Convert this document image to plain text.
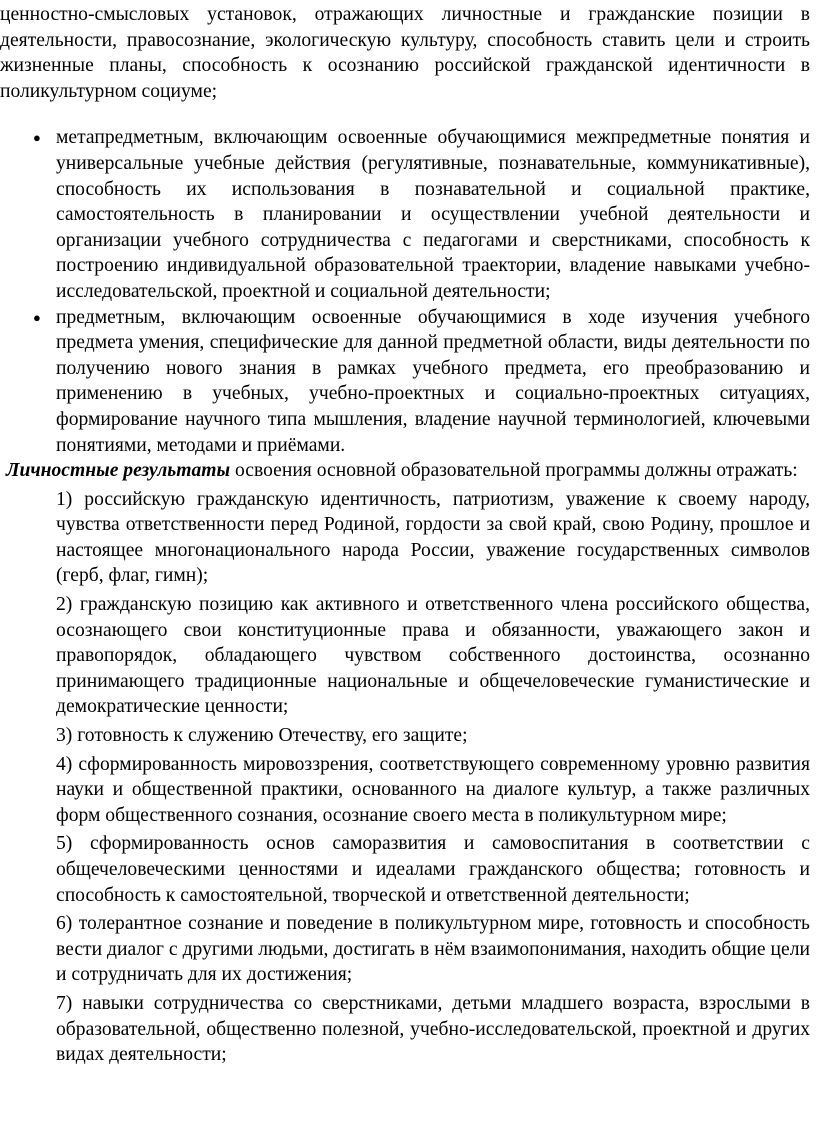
ценностно-смысловых установок, отражающих личностные и гражданские позиции в деятельности, правосознание, экологическую культуру, способность ставить цели и строить жизненные планы, способность к осознанию российской гражданской идентичности в поликультурном социуме;

● метапредметным, включающим освоенные обучающимися межпредметные понятия и универсальные учебные действия (регулятивные, познавательные, коммуникативные), способность их использования в познавательной и социальной практике, самостоятельность в планировании и осуществлении учебной деятельности и организации учебного сотрудничества с педагогами и сверстниками, способность к построению индивидуальной образовательной траектории, владение навыками учебно-исследовательской, проектной и социальной деятельности;
● предметным, включающим освоенные обучающимися в ходе изучения учебного предмета умения, специфические для данной предметной области, виды деятельности по получению нового знания в рамках учебного предмета, его преобразованию и применению в учебных, учебно-проектных и социально-проектных ситуациях, формирование научного типа мышления, владение научной терминологией, ключевыми понятиями, методами и приёмами.

Личностные результаты освоения основной образовательной программы должны отражать:

1) российскую гражданскую идентичность, патриотизм, уважение к своему народу, чувства ответственности перед Родиной, гордости за свой край, свою Родину, прошлое и настоящее многонационального народа России, уважение государственных символов (герб, флаг, гимн);

2) гражданскую позицию как активного и ответственного члена российского общества, осознающего свои конституционные права и обязанности, уважающего закон и правопорядок, обладающего чувством собственного достоинства, осознанно принимающего традиционные национальные и общечеловеческие гуманистические и демократические ценности;

3) готовность к служению Отечеству, его защите;

4) сформированность мировоззрения, соответствующего современному уровню развития науки и общественной практики, основанного на диалоге культур, а также различных форм общественного сознания, осознание своего места в поликультурном мире;

5) сформированность основ саморазвития и самовоспитания в соответствии с общечеловеческими ценностями и идеалами гражданского общества; готовность и способность к самостоятельной, творческой и ответственной деятельности;

6) толерантное сознание и поведение в поликультурном мире, готовность и способность вести диалог с другими людьми, достигать в нём взаимопонимания, находить общие цели и сотрудничать для их достижения;

7) навыки сотрудничества со сверстниками, детьми младшего возраста, взрослыми в образовательной, общественно полезной, учебно-исследовательской, проектной и других видах деятельности;
